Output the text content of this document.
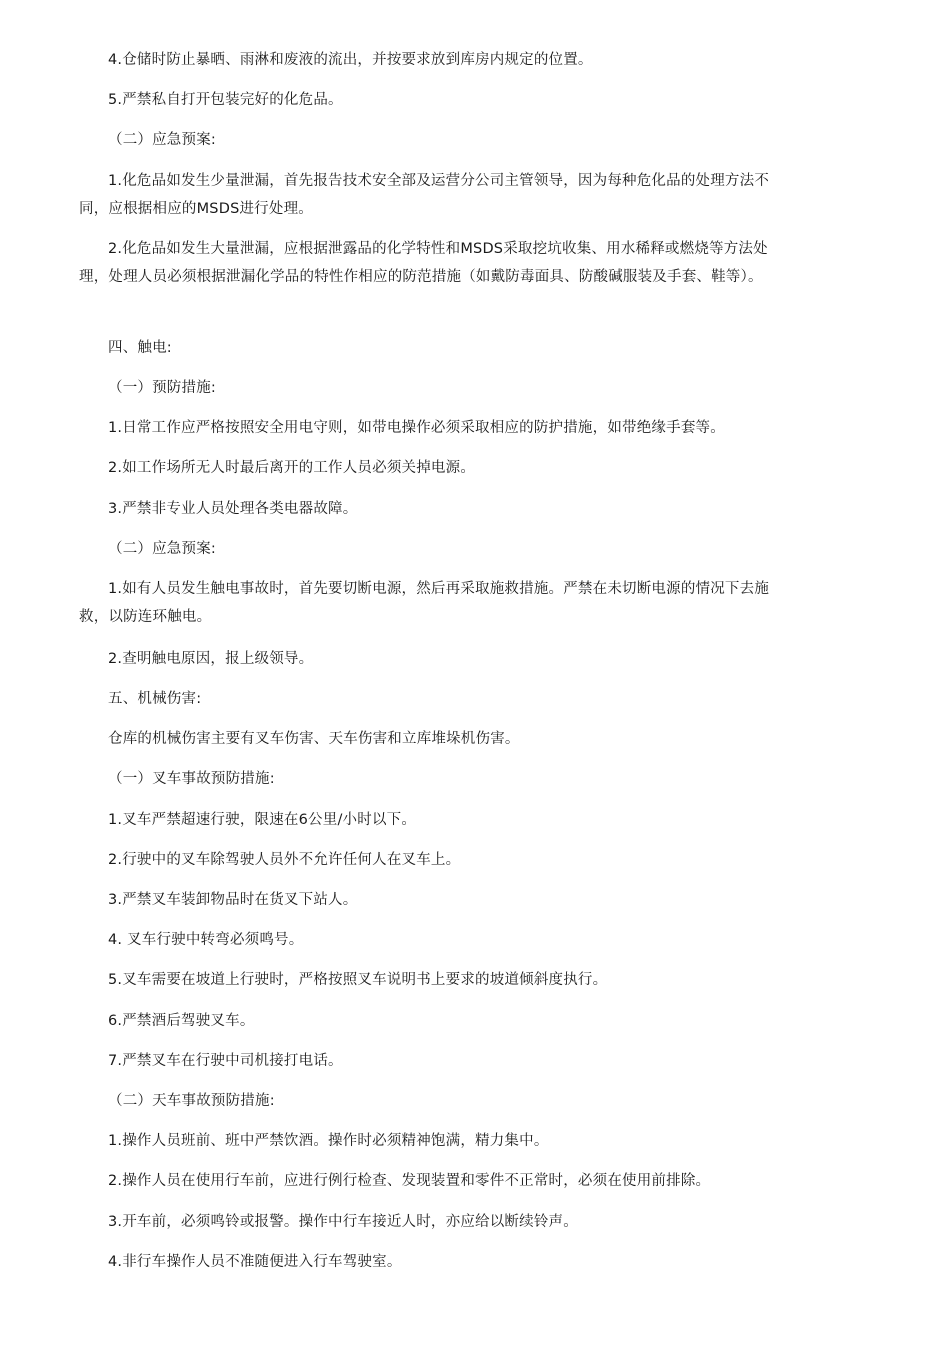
4.仓储时防止暴晒、雨淋和废液的流出，并按要求放到库房内规定的位置。
5.严禁私自打开包装完好的化危品。
（二）应急预案:
1.化危品如发生少量泄漏，首先报告技术安全部及运营分公司主管领导，因为每种危化品的处理方法不同，应根据相应的MSDS进行处理。
2.化危品如发生大量泄漏，应根据泄露品的化学特性和MSDS采取挖坑收集、用水稀释或燃烧等方法处理，处理人员必须根据泄漏化学品的特性作相应的防范措施（如戴防毒面具、防酸碱服装及手套、鞋等）。
四、触电:
（一）预防措施:
1.日常工作应严格按照安全用电守则，如带电操作必须采取相应的防护措施，如带绝缘手套等。
2.如工作场所无人时最后离开的工作人员必须关掉电源。
3.严禁非专业人员处理各类电器故障。
（二）应急预案:
1.如有人员发生触电事故时，首先要切断电源，然后再采取施救措施。严禁在未切断电源的情况下去施救，以防连环触电。
2.查明触电原因，报上级领导。
五、机械伤害:
仓库的机械伤害主要有叉车伤害、天车伤害和立库堆垛机伤害。
（一）叉车事故预防措施:
1.叉车严禁超速行驶，限速在6公里/小时以下。
2.行驶中的叉车除驾驶人员外不允许任何人在叉车上。
3.严禁叉车装卸物品时在货叉下站人。
4. 叉车行驶中转弯必须鸣号。
5.叉车需要在坡道上行驶时，严格按照叉车说明书上要求的坡道倾斜度执行。
6.严禁酒后驾驶叉车。
7.严禁叉车在行驶中司机接打电话。
（二）天车事故预防措施:
1.操作人员班前、班中严禁饮酒。操作时必须精神饱满，精力集中。
2.操作人员在使用行车前，应进行例行检查、发现装置和零件不正常时，必须在使用前排除。
3.开车前，必须鸣铃或报警。操作中行车接近人时，亦应给以断续铃声。
4.非行车操作人员不准随便进入行车驾驶室。
